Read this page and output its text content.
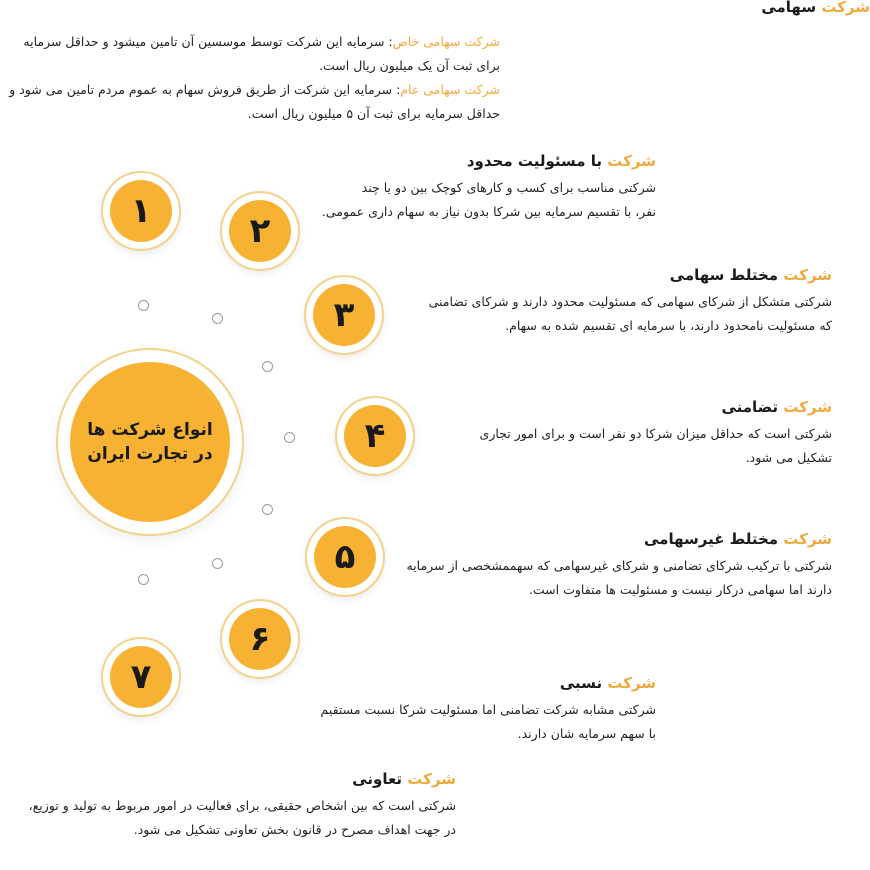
شرکت سهامی
شرکت سهامی خاص: سرمایه این شرکت توسط موسسین آن تامین میشود و حداقل سرمایه برای ثبت آن یک میلیون ریال است.
شرکت سهامی عام: سرمایه این شرکت از طریق فروش سهام به عموم مردم تامین می شود و حداقل سرمایه برای ثبت آن ۵ میلیون ریال است.
شرکت با مسئولیت محدود
شرکتی مناسب برای کسب و کارهای کوچک بین دو یا چند
نفر، با تقسیم سرمایه بین شرکا بدون نیاز به سهام داری عمومی.
شرکت مختلط سهامی
شرکتی متشکل از شرکای سهامی که مسئولیت محدود دارند و شرکای تضامنی
که مسئولیت نامحدود دارند، با سرمایه ای تقسیم شده به سهام.
شرکت تضامنی
شرکتی است که حداقل میزان شرکا دو نفر است و برای امور تجاری
تشکیل می شود.
شرکت مختلط غیرسهامی
شرکتی با ترکیب شرکای تضامنی و شرکای غیرسهامی که سهممشخصی از سرمایه
دارند اما سهامی درکار نیست و مسئولیت ها متفاوت است.
شرکت نسبی
شرکتی مشابه شرکت تضامنی اما مسئولیت شرکا نسبت مستقیم
با سهم سرمایه شان دارند.
شرکت تعاونی
شرکتی است که بین اشخاص حقیقی، برای فعالیت در امور مربوط به تولید و توزیع،
در جهت اهداف مصرح در قانون بخش تعاونی تشکیل می شود.
انواع شرکت ها
در تجارت ایران
۱	۲
۳
۴
۵
۶
۷
